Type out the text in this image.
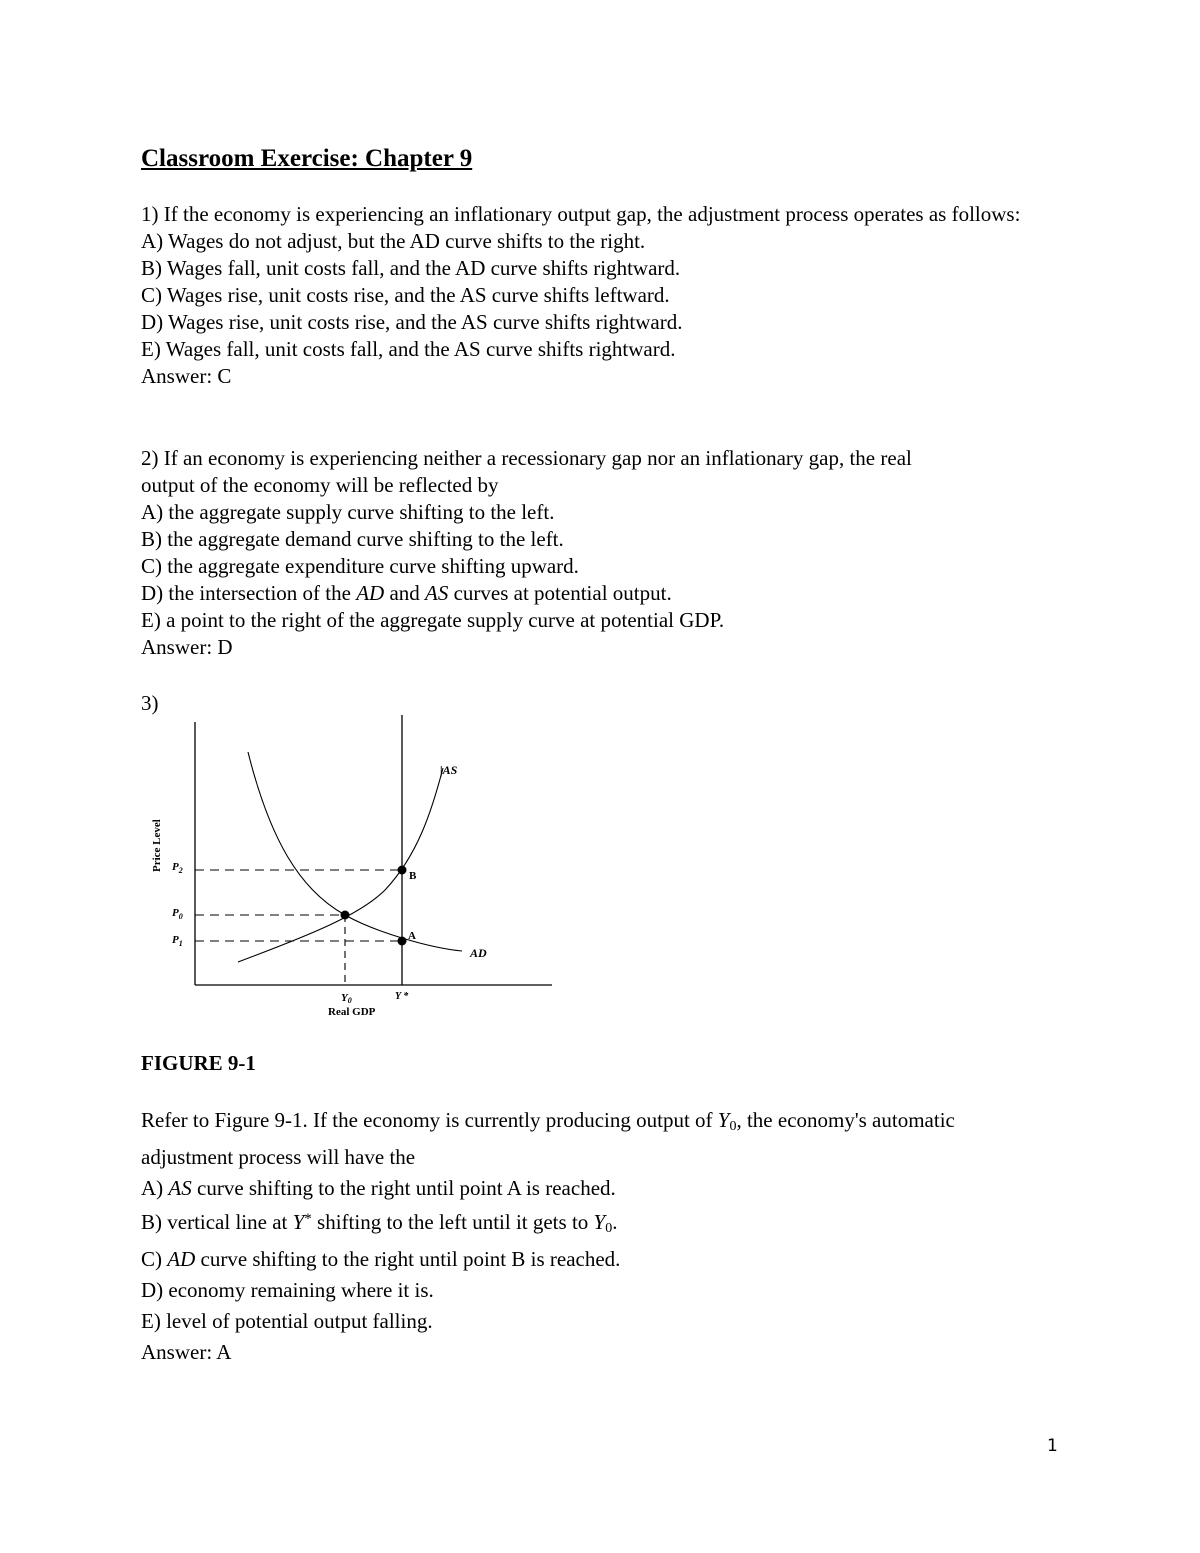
Classroom Exercise: Chapter 9
1) If the economy is experiencing an inflationary output gap, the adjustment process operates as follows:
A) Wages do not adjust, but the AD curve shifts to the right.
B) Wages fall, unit costs fall, and the AD curve shifts rightward.
C) Wages rise, unit costs rise, and the AS curve shifts leftward.
D) Wages rise, unit costs rise, and the AS curve shifts rightward.
E) Wages fall, unit costs fall, and the AS curve shifts rightward.
Answer: C
2) If an economy is experiencing neither a recessionary gap nor an inflationary gap, the real
output of the economy will be reflected by
A) the aggregate supply curve shifting to the left.
B) the aggregate demand curve shifting to the left.
C) the aggregate expenditure curve shifting upward.
D) the intersection of the AD and AS curves at potential output.
E) a point to the right of the aggregate supply curve at potential GDP.
Answer: D
3)
|AS
AD
B
A
$P_2$
$P_0$
$P_1$
Y0	Y *
Real GDP
Price Level
FIGURE 9-1
Refer to Figure 9-1. If the economy is currently producing output of $Y_0$, the economy's automatic
adjustment process will have the
A) AS curve shifting to the right until point A is reached.
B) vertical line at Y* shifting to the left until it gets to $Y_0$.
C) AD curve shifting to the right until point B is reached.
D) economy remaining where it is.
E) level of potential output falling.
Answer: A
1
